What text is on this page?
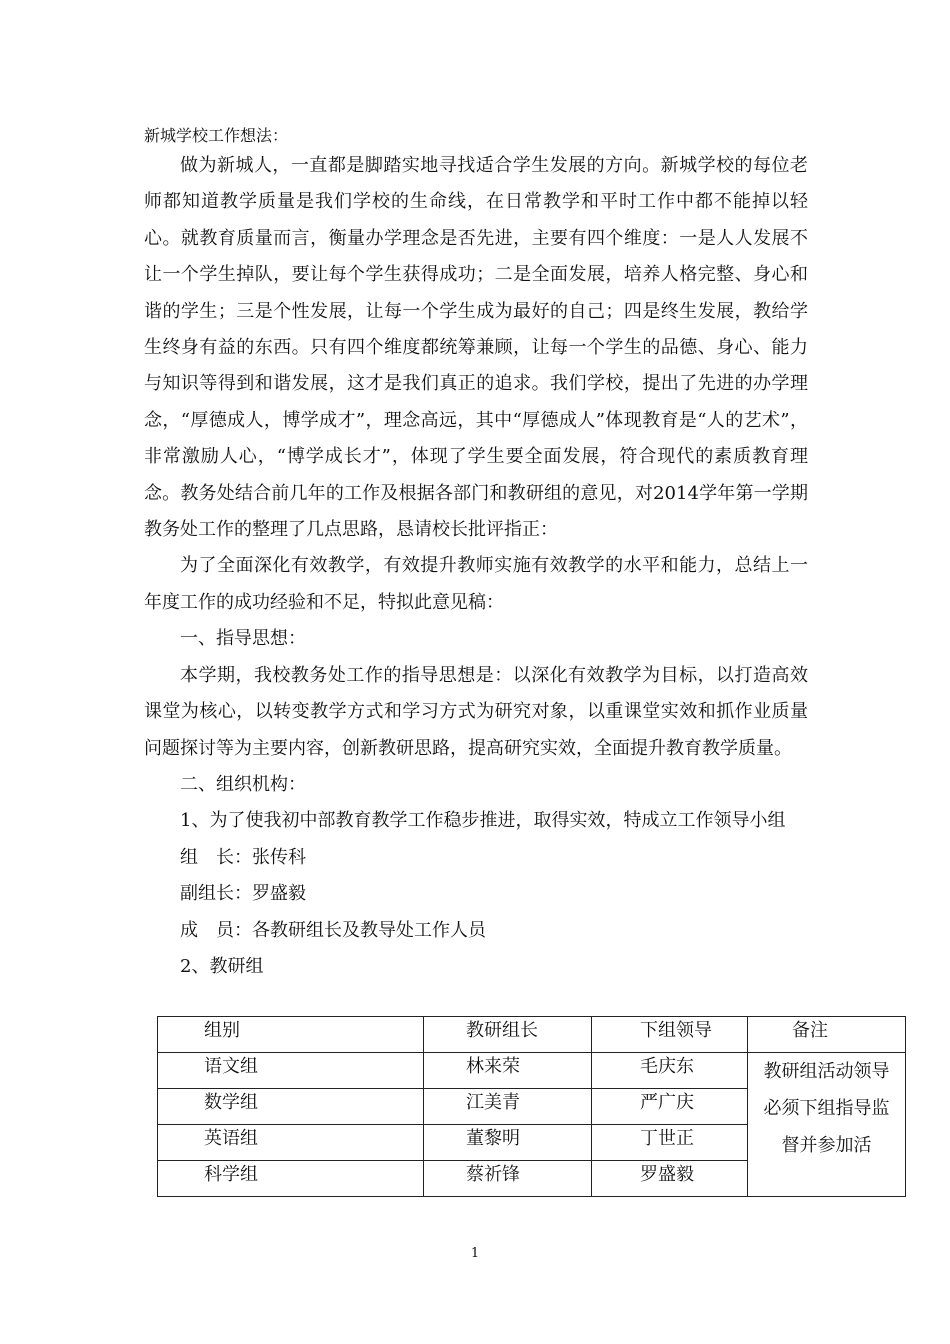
新城学校工作想法：

做为新城人，一直都是脚踏实地寻找适合学生发展的方向。新城学校的每位老师都知道教学质量是我们学校的生命线，在日常教学和平时工作中都不能掉以轻心。就教育质量而言，衡量办学理念是否先进，主要有四个维度：一是人人发展不让一个学生掉队，要让每个学生获得成功；二是全面发展，培养人格完整、身心和谐的学生；三是个性发展，让每一个学生成为最好的自己；四是终生发展，教给学生终身有益的东西。只有四个维度都统筹兼顾，让每一个学生的品德、身心、能力与知识等得到和谐发展，这才是我们真正的追求。我们学校，提出了先进的办学理念，“厚德成人，博学成才”，理念高远，其中“厚德成人”体现教育是“人的艺术”，非常激励人心，“博学成长才”，体现了学生要全面发展，符合现代的素质教育理念。教务处结合前几年的工作及根据各部门和教研组的意见，对2014学年第一学期教务处工作的整理了几点思路，恳请校长批评指正：

为了全面深化有效教学，有效提升教师实施有效教学的水平和能力，总结上一年度工作的成功经验和不足，特拟此意见稿：

一、指导思想：

本学期，我校教务处工作的指导思想是：以深化有效教学为目标，以打造高效课堂为核心，以转变教学方式和学习方式为研究对象，以重课堂实效和抓作业质量问题探讨等为主要内容，创新教研思路，提高研究实效，全面提升教育教学质量。

二、组织机构：

1、为了使我初中部教育教学工作稳步推进，取得实效，特成立工作领导小组

组　长：张传科

副组长：罗盛毅

成　员：各教研组长及教导处工作人员

2、教研组

组别	教研组长	下组领导	备注
语文组	林来荣	毛庆东	教研组活动领导必须下组指导监督并参加活
数学组	江美青	严广庆	
英语组	董黎明	丁世正	
科学组	蔡祈锋	罗盛毅	
1
